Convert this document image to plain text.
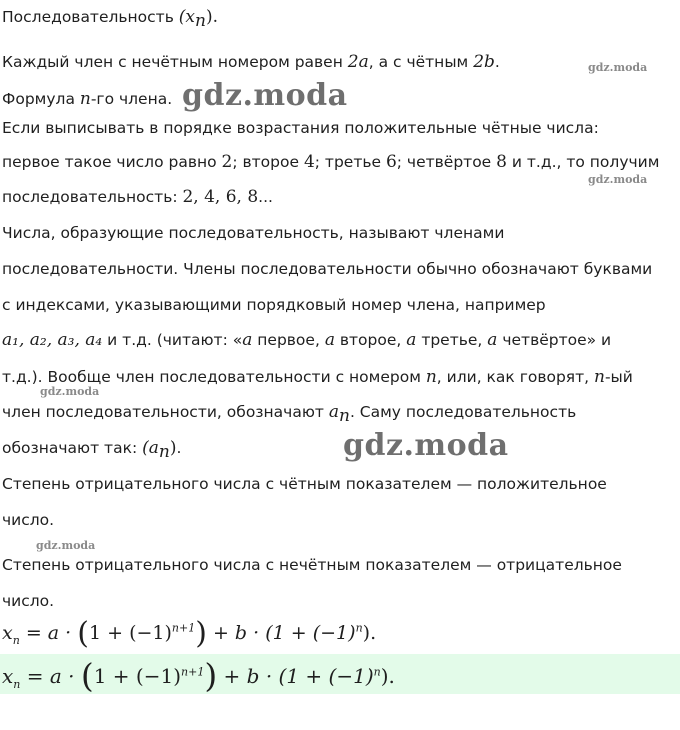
Последовательность $(x_n)$.
Каждый член с нечётным номером равен 2a, а с чётным 2b.
Формула n-го члена.
Если выписывать в порядке возрастания положительные чётные числа:
первое такое число равно 2; второе 4; третье 6; четвёртое 8 и т.д., то получим
последовательность: 2, 4, 6, 8...
Числа, образующие последовательность, называют членами
последовательности. Члены последовательности обычно обозначают буквами
с индексами, указывающими порядковый номер члена, например
a₁, a₂, a₃, a₄ и т.д. (читают: «a первое, a второе, a третье, a четвёртое» и
т.д.). Вообще член последовательности с номером n, или, как говорят, n-ый
член последовательности, обозначают $a_n$. Саму последовательность
обозначают так: $(a_n)$.
Степень отрицательного числа с чётным показателем — положительное
число.
Степень отрицательного числа с нечётным показателем — отрицательное
число.
$x_n = a \cdot (1 + (-1)^{n+1}) + b \cdot (1 + (-1)^n)$.
$x_n = a \cdot (1 + (-1)^{n+1}) + b \cdot (1 + (-1)^n)$.
gdz.moda
gdz.moda
gdz.moda
gdz.moda
gdz.moda
gdz.moda
